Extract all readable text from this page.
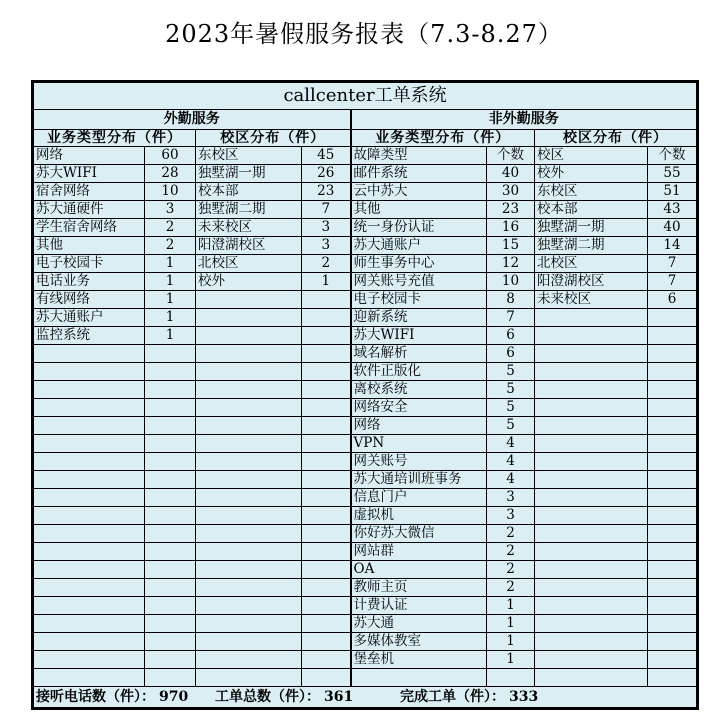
2023年暑假服务报表（7.3-8.27）
callcenter工单系统							
外勤服务				非外勤服务			
业务类型分布（件）		校区分布（件）		业务类型分布（件）		校区分布（件）	
网络	60	东校区	45	故障类型	个数	校区	个数
苏大WIFI	28	独墅湖一期	26	邮件系统	40	校外	55
宿舍网络	10	校本部	23	云中苏大	30	东校区	51
苏大通硬件	3	独墅湖二期	7	其他	23	校本部	43
学生宿舍网络	2	未来校区	3	统一身份认证	16	独墅湖一期	40
其他	2	阳澄湖校区	3	苏大通账户	15	独墅湖二期	14
电子校园卡	1	北校区	2	师生事务中心	12	北校区	7
电话业务	1	校外	1	网关账号充值	10	阳澄湖校区	7
有线网络	1			电子校园卡	8	未来校区	6
苏大通账户	1			迎新系统	7		
监控系统	1			苏大WIFI	6		
				域名解析	6		
				软件正版化	5		
				离校系统	5		
				网络安全	5		
				网络	5		
				VPN	4		
				网关账号	4		
				苏大通培训班事务	4		
				信息门户	3		
				虚拟机	3		
				你好苏大微信	2		
				网站群	2		
				OA	2		
				教师主页	2		
				计费认证	1		
				苏大通	1		
				多媒体教室	1		
				堡垒机	1		

接听电话数（件）： 970 工单总数（件）： 361 完成工单（件）： 333							
